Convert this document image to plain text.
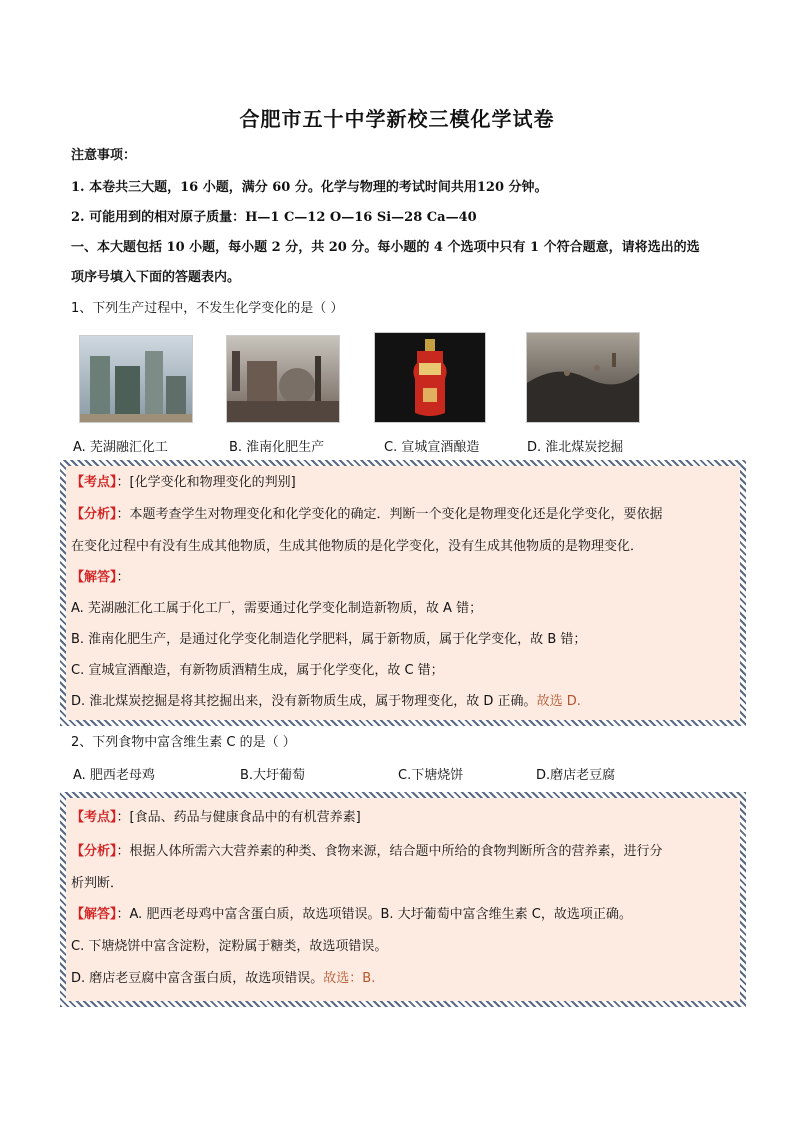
合肥市五十中学新校三模化学试卷
注意事项：
1. 本卷共三大题，16 小题，满分 60 分。化学与物理的考试时间共用120 分钟。
2. 可能用到的相对原子质量：H—1 C—12 O—16 Si—28 Ca—40
一、本大题包括 10 小题，每小题 2 分，共 20 分。每小题的 4 个选项中只有 1 个符合题意，请将选出的选
项序号填入下面的答题表内。
1、下列生产过程中，不发生化学变化的是（ ）
A. 芜湖融汇化工	B. 淮南化肥生产	C. 宣城宣酒酿造	D. 淮北煤炭挖掘
【考点】：[化学变化和物理变化的判别]
【分析】：本题考查学生对物理变化和化学变化的确定．判断一个变化是物理变化还是化学变化，要依据
在变化过程中有没有生成其他物质，生成其他物质的是化学变化，没有生成其他物质的是物理变化．
【解答】：
A. 芜湖融汇化工属于化工厂，需要通过化学变化制造新物质，故 A 错；
B. 淮南化肥生产，是通过化学变化制造化学肥料，属于新物质，属于化学变化，故 B 错；
C. 宣城宣酒酿造，有新物质酒精生成，属于化学变化，故 C 错；
D. 淮北煤炭挖掘是将其挖掘出来，没有新物质生成，属于物理变化，故 D 正确。故选 D.
2、下列食物中富含维生素 C 的是（ ）
A. 肥西老母鸡	B.大圩葡萄	C.下塘烧饼	D.磨店老豆腐
【考点】：[食品、药品与健康食品中的有机营养素]
【分析】：根据人体所需六大营养素的种类、食物来源，结合题中所给的食物判断所含的营养素，进行分
析判断．
【解答】：A. 肥西老母鸡中富含蛋白质，故选项错误。B. 大圩葡萄中富含维生素 C，故选项正确。
C. 下塘烧饼中富含淀粉，淀粉属于糖类，故选项错误。
D. 磨店老豆腐中富含蛋白质，故选项错误。故选：B.
